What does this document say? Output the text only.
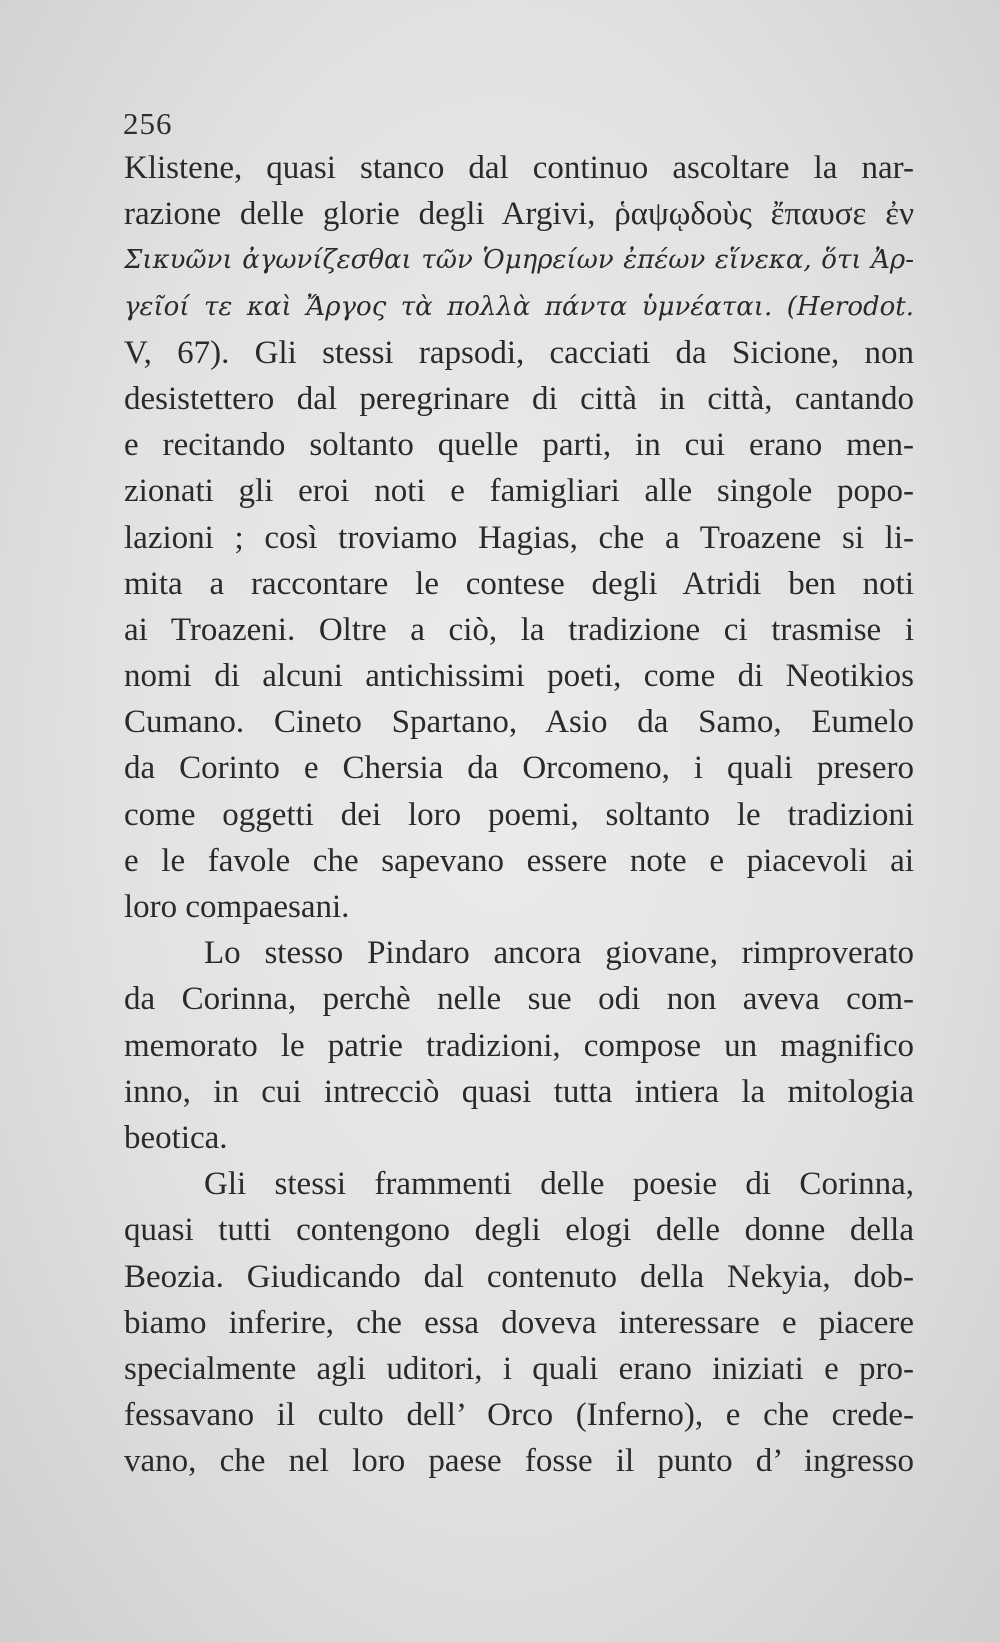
256
Klistene, quasi stanco dal continuo ascoltare la nar-
razione delle glorie degli Argivi, ῥαψῳδοὺς ἔπαυσε ἐν
Σικυῶνι ἀγωνίζεσθαι τῶν Ὁμηρείων ἐπέων εἵνεκα, ὅτι Ἀρ-
γεῖοί τε καὶ Ἄργος τὰ πολλὰ πάντα ὑμνέαται. (Herodot.
V, 67). Gli stessi rapsodi, cacciati da Sicione, non
desistettero dal peregrinare di città in città, cantando
e recitando soltanto quelle parti, in cui erano men-
zionati gli eroi noti e famigliari alle singole popo-
lazioni ; così troviamo Hagias, che a Troazene si li-
mita a raccontare le contese degli Atridi ben noti
ai Troazeni. Oltre a ciò, la tradizione ci trasmise i
nomi di alcuni antichissimi poeti, come di Neotikios
Cumano. Cineto Spartano, Asio da Samo, Eumelo
da Corinto e Chersia da Orcomeno, i quali presero
come oggetti dei loro poemi, soltanto le tradizioni
e le favole che sapevano essere note e piacevoli ai
loro compaesani.
Lo stesso Pindaro ancora giovane, rimproverato
da Corinna, perchè nelle sue odi non aveva com-
memorato le patrie tradizioni, compose un magnifico
inno, in cui intrecciò quasi tutta intiera la mitologia
beotica.
Gli stessi frammenti delle poesie di Corinna,
quasi tutti contengono degli elogi delle donne della
Beozia. Giudicando dal contenuto della Nekyia, dob-
biamo inferire, che essa doveva interessare e piacere
specialmente agli uditori, i quali erano iniziati e pro-
fessavano il culto dell’ Orco (Inferno), e che crede-
vano, che nel loro paese fosse il punto d’ ingresso
